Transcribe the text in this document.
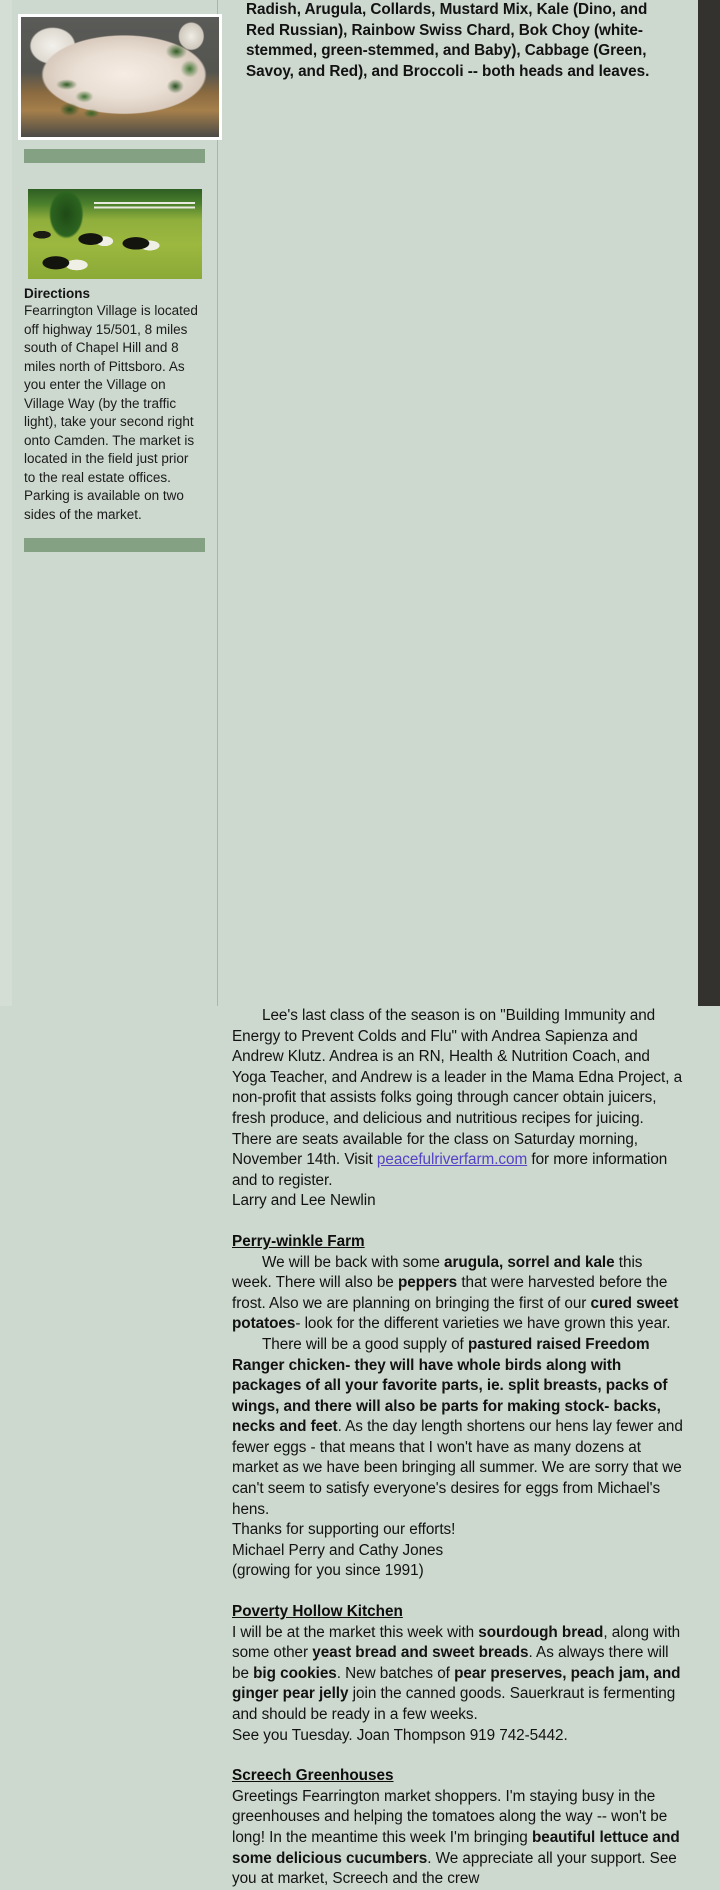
Directions
Fearrington Village is located off highway 15/501, 8 miles south of Chapel Hill and 8 miles north of Pittsboro. As you enter the Village on Village Way (by the traffic light), take your second right onto Camden. The market is located in the field just prior to the real estate offices. Parking is available on two sides of the market.

Radish, Arugula, Collards, Mustard Mix, Kale (Dino, and Red Russian), Rainbow Swiss Chard, Bok Choy (white-stemmed, green-stemmed, and Baby), Cabbage (Green, Savoy, and Red), and Broccoli -- both heads and leaves.

Lee's last class of the season is on "Building Immunity and Energy to Prevent Colds and Flu" with Andrea Sapienza and Andrew Klutz. Andrea is an RN, Health & Nutrition Coach, and Yoga Teacher, and Andrew is a leader in the Mama Edna Project, a non-profit that assists folks going through cancer obtain juicers, fresh produce, and delicious and nutritious recipes for juicing. There are seats available for the class on Saturday morning,

November 14th. Visit peacefulriverfarm.com for more information and to register.

Larry and Lee Newlin

Perry-winkle Farm

We will be back with some arugula, sorrel and kale this week. There will also be peppers that were harvested before the frost. Also we are planning on bringing the first of our cured sweet potatoes- look for the different varieties we have grown this year.

There will be a good supply of pastured raised Freedom Ranger chicken- they will have whole birds along with packages of all your favorite parts, ie. split breasts, packs of wings, and there will also be parts for making stock- backs, necks and feet. As the day length shortens our hens lay fewer and fewer eggs - that means that I won't have as many dozens at market as we have been bringing all summer. We are sorry that we can't seem to satisfy everyone's desires for eggs from Michael's hens.

Thanks for supporting our efforts!

Michael Perry and Cathy Jones

(growing for you since 1991)

Poverty Hollow Kitchen

I will be at the market this week with sourdough bread, along with some other yeast bread and sweet breads. As always there will be big cookies. New batches of pear preserves, peach jam, and ginger pear jelly join the canned goods. Sauerkraut is fermenting and should be ready in a few weeks.

See you Tuesday. Joan Thompson 919 742-5442.

Screech Greenhouses

Greetings Fearrington market shoppers. I'm staying busy in the greenhouses and helping the tomatoes along the way -- won't be long! In the meantime this week I'm bringing beautiful lettuce and some delicious cucumbers. We appreciate all your support. See you at market, Screech and the crew
